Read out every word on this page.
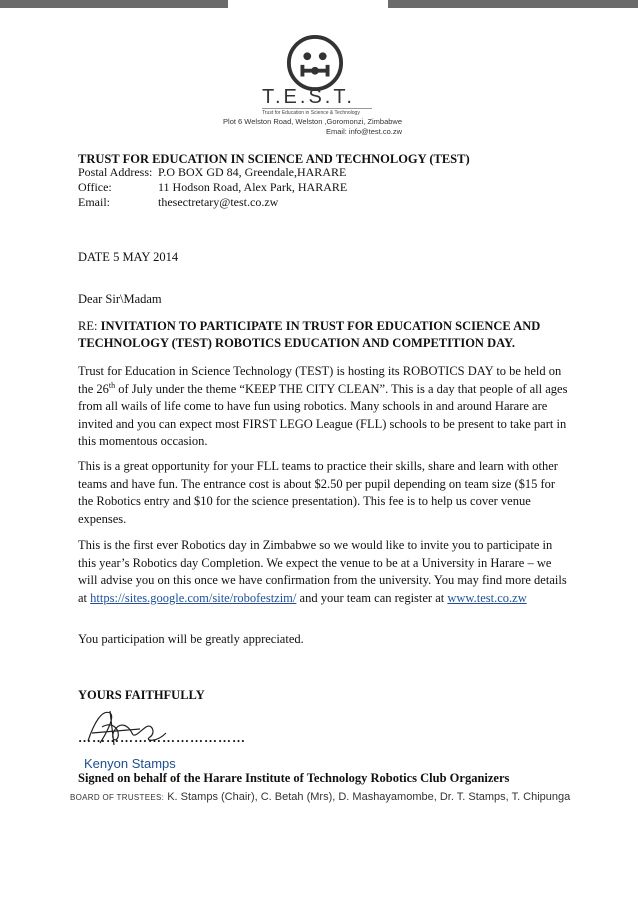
T.E.S.T.
Trust for Education in Science & Technology
Plot 6 Welston Road, Welston ,Goromonzi, Zimbabwe
Email: info@test.co.zw
TRUST FOR EDUCATION IN SCIENCE AND TECHNOLOGY (TEST)
Postal Address: P.O BOX GD 84, Greendale,HARARE
Office:	11 Hodson Road, Alex Park, HARARE
Email:	thesectretary@test.co.zw
DATE 5 MAY 2014
Dear Sir\Madam
RE: INVITATION TO PARTICIPATE IN TRUST FOR EDUCATION SCIENCE AND TECHNOLOGY (TEST) ROBOTICS EDUCATION AND COMPETITION DAY.
Trust for Education in Science Technology (TEST) is hosting its ROBOTICS DAY to be held on the 26th of July under the theme “KEEP THE CITY CLEAN”. This is a day that people of all ages from all wails of life come to have fun using robotics. Many schools in and around Harare are invited and you can expect most FIRST LEGO League (FLL) schools to be present to take part in this momentous occasion.
This is a great opportunity for your FLL teams to practice their skills, share and learn with other teams and have fun. The entrance cost is about $2.50 per pupil depending on team size ($15 for the Robotics entry and $10 for the science presentation). This fee is to help us cover venue expenses.
This is the first ever Robotics day in Zimbabwe so we would like to invite you to participate in this year’s Robotics day Completion. We expect the venue to be at a University in Harare – we will advise you on this once we have confirmation from the university. You may find more details at https://sites.google.com/site/robofestzim/ and your team can register at www.test.co.zw
You participation will be greatly appreciated.
YOURS FAITHFULLY
………………………………
Kenyon Stamps
Signed on behalf of the Harare Institute of Technology Robotics Club Organizers
BOARD OF TRUSTEES: K. Stamps (Chair), C. Betah (Mrs), D. Mashayamombe, Dr. T. Stamps, T. Chipunga
